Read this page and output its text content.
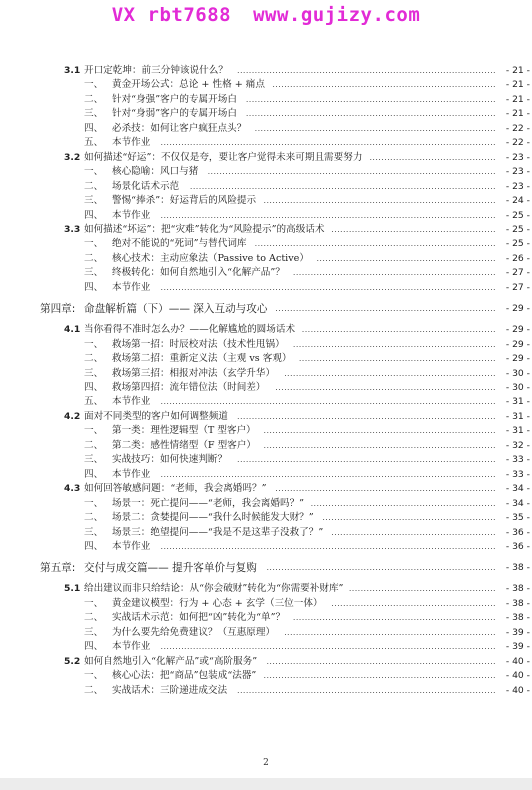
VX rbt7688 www.gujizy.com
3.1 开口定乾坤：前三分钟该说什么？	........................................................................................	- 21 -
一、 黄金开场公式：总论 + 性格 + 痛点 ............................................................................	- 21 -
二、 针对“身强”客户的专属开场白	.....................................................................................	- 21 -
三、 针对“身弱”客户的专属开场白	.....................................................................................	- 21 -
四、 必杀技：如何让客户疯狂点头？	..................................................................................	- 22 -
五、 本节作业	..................................................................................................................	- 22 -
3.2 如何描述“好运”：不仅仅是夸，要让客户觉得未来可期且需要努力 ...........................................	- 23 -
一、 核心隐喻：风口与猪	..................................................................................................	- 23 -
二、 场景化话术示范	........................................................................................................	- 23 -
三、 警惕“捧杀”：好运背后的风险提示 ...............................................................................	- 24 -
四、 本节作业	..................................................................................................................	- 25 -
3.3 如何描述“坏运”：把“灾难”转化为“风险提示”的高级话术 ........................................................	- 25 -
一、 绝对不能说的“死词”与替代词库	..................................................................................	- 25 -
二、 核心技术：主动应象法（Passive to Active） .............................................................	- 26 -
三、 终极转化：如何自然地引入“化解产品”？	.....................................................................	- 27 -
四、 本节作业	..................................................................................................................	- 27 -
第四章: 命盘解析篇（下）—— 深入互动与攻心 ...........................................................................	- 29 -
4.1 当你看得不准时怎么办？——化解尴尬的圆场话术 ..................................................................	- 29 -
一、 救场第一招：时辰校对法（技术性甩锅）	.....................................................................	- 29 -
二、 救场第二招：重新定义法（主观 vs 客观） ...................................................................	- 29 -
三、 救场第三招：相报对冲法（玄学升华）	........................................................................	- 30 -
四、 救场第四招：流年错位法（时间差）	...........................................................................	- 30 -
五、 本节作业	..................................................................................................................	- 31 -
4.2 面对不同类型的客户如何调整频道	........................................................................................	- 31 -
一、 第一类：理性逻辑型（T 型客户） ...............................................................................	- 31 -
二、 第二类：感性情绪型（F 型客户） ...............................................................................	- 32 -
三、 实战技巧：如何快速判断？	........................................................................................	- 33 -
四、 本节作业	..................................................................................................................	- 33 -
4.3 如何回答敏感问题：“老师，我会离婚吗？”	...........................................................................	- 34 -
一、 场景一：死亡提问——“老师，我会离婚吗？” ...............................................................	- 34 -
二、 场景二：贪婪提问——“我什么时候能发大财？”	...........................................................	- 35 -
三、 场景三：绝望提问——“我是不是这辈子没救了？” ........................................................	- 36 -
四、 本节作业	..................................................................................................................	- 36 -
第五章: 交付与成交篇—— 提升客单价与复购	..............................................................................	- 38 -
5.1 给出建议而非只给结论：从“你会破财”转化为“你需要补财库” ..................................................	- 38 -
一、 黄金建议模型：行为 + 心态 + 玄学（三位一体）	........................................................	- 38 -
二、 实战话术示范：如何把“凶”转化为“单”？ .....................................................................	- 38 -
三、 为什么要先给免费建议？（互惠原理）	........................................................................	- 39 -
四、 本节作业	..................................................................................................................	- 39 -
5.2 如何自然地引入“化解产品”或“高阶服务”	..............................................................................	- 40 -
一、 核心心法：把“商品”包装成“法器” ...............................................................................	- 40 -
二、 实战话术：三阶递进成交法	........................................................................................	- 40 -
2
